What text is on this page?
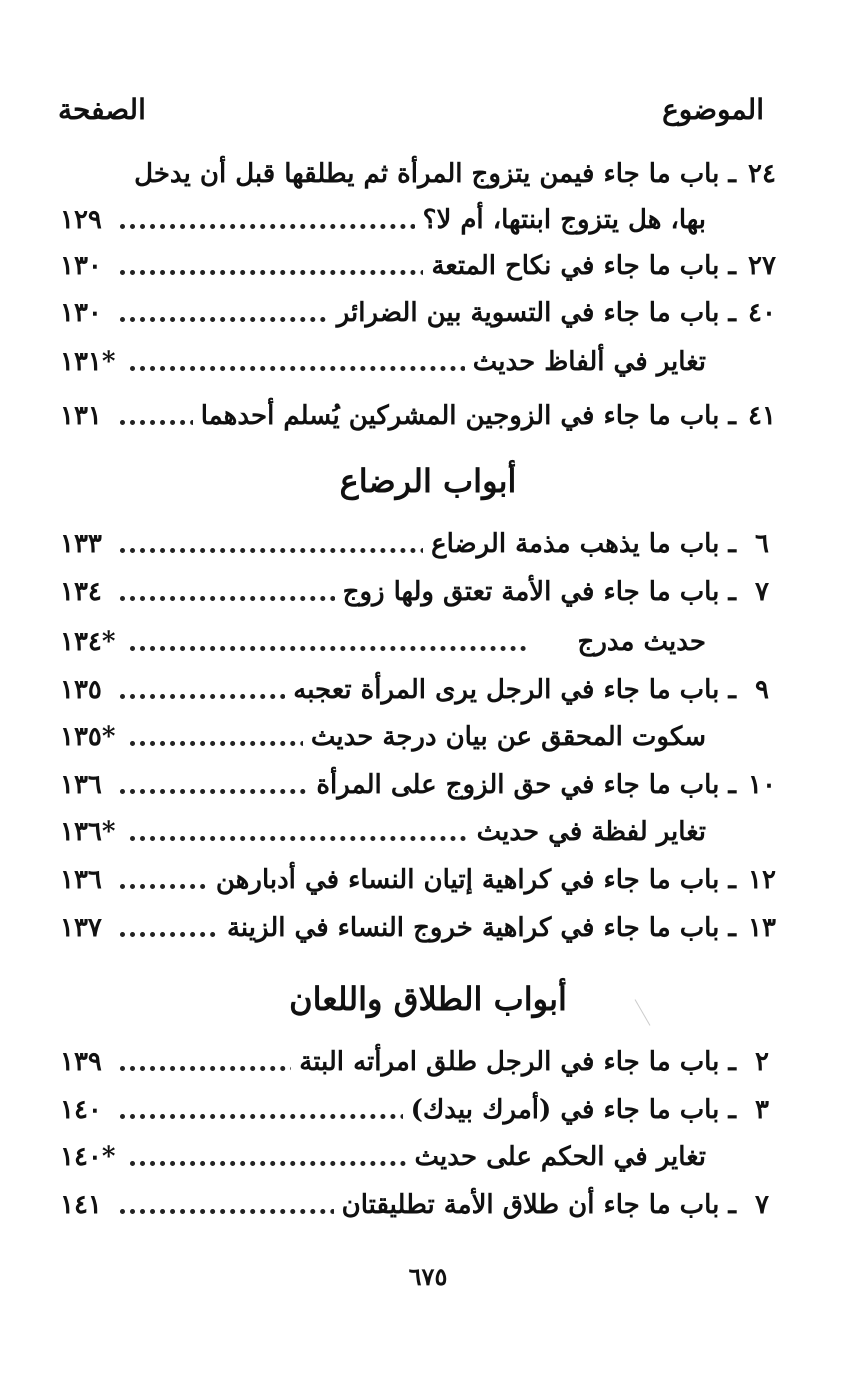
الموضوع
الصفحة
٢٤
ـ باب ما جاء فيمن يتزوج المرأة ثم يطلقها قبل أن يدخل
بها، هل يتزوج ابنتها، أم لا؟
١٢٩
٢٧
ـ باب ما جاء في نكاح المتعة
١٣٠
٤٠
ـ باب ما جاء في التسوية بين الضرائر
١٣٠
تغاير في ألفاظ حديث
١٣١*
٤١
ـ باب ما جاء في الزوجين المشركين يُسلم أحدهما
١٣١
أبواب الرضاع
٦
ـ باب ما يذهب مذمة الرضاع
١٣٣
٧
ـ باب ما جاء في الأمة تعتق ولها زوج
١٣٤
حديث مدرج
١٣٤*
٩
ـ باب ما جاء في الرجل يرى المرأة تعجبه
١٣٥
سكوت المحقق عن بيان درجة حديث
١٣٥*
١٠
ـ باب ما جاء في حق الزوج على المرأة
١٣٦
تغاير لفظة في حديث
١٣٦*
١٢
ـ باب ما جاء في كراهية إتيان النساء في أدبارهن
١٣٦
١٣
ـ باب ما جاء في كراهية خروج النساء في الزينة
١٣٧
أبواب الطلاق واللعان
٢
ـ باب ما جاء في الرجل طلق امرأته البتة
١٣٩
٣
ـ باب ما جاء في (أمرك بيدك)
١٤٠
تغاير في الحكم على حديث
١٤٠*
٧
ـ باب ما جاء أن طلاق الأمة تطليقتان
١٤١
٦٧٥
